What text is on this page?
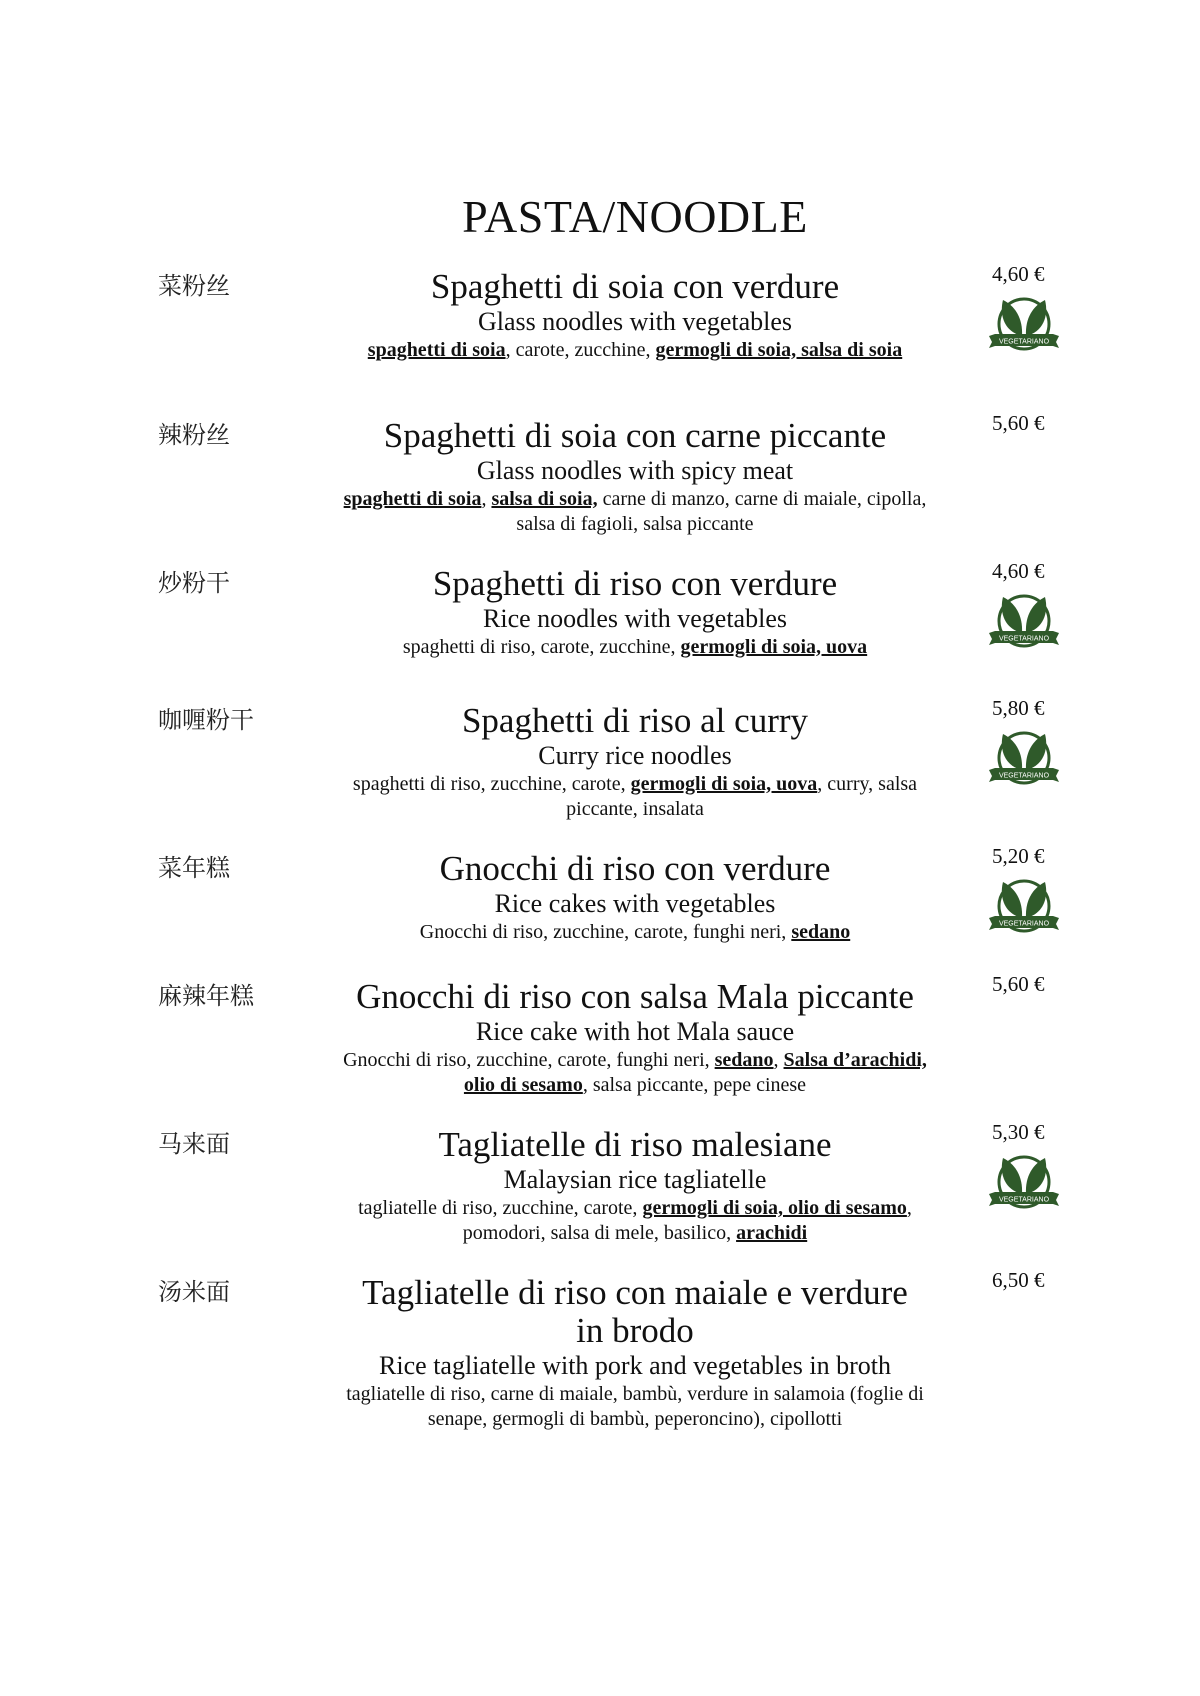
PASTA/NOODLE
菜粉丝	Spaghetti di soia con verdure
Glass noodles with vegetables
spaghetti di soia, carote, zucchine, germogli di soia, salsa di soia
4,60 €
VEGETARIANO
辣粉丝	Spaghetti di soia con carne piccante
Glass noodles with spicy meat
spaghetti di soia, salsa di soia, carne di manzo, carne di maiale, cipolla, salsa di fagioli, salsa piccante
5,60 €
炒粉干	Spaghetti di riso con verdure
Rice noodles with vegetables
spaghetti di riso, carote, zucchine, germogli di soia, uova
4,60 €
VEGETARIANO
咖喱粉干	Spaghetti di riso al curry
Curry rice noodles
spaghetti di riso, zucchine, carote, germogli di soia, uova, curry, salsa piccante, insalata
5,80 €
VEGETARIANO
菜年糕	Gnocchi di riso con verdure
Rice cakes with vegetables
Gnocchi di riso, zucchine, carote, funghi neri, sedano
5,20 €
VEGETARIANO
麻辣年糕	Gnocchi di riso con salsa Mala piccante
Rice cake with hot Mala sauce
Gnocchi di riso, zucchine, carote, funghi neri, sedano, Salsa d’arachidi, olio di sesamo, salsa piccante, pepe cinese
5,60 €
马来面	Tagliatelle di riso malesiane
Malaysian rice tagliatelle
tagliatelle di riso, zucchine, carote, germogli di soia, olio di sesamo, pomodori, salsa di mele, basilico, arachidi
5,30 €
VEGETARIANO
汤米面	Tagliatelle di riso con maiale e verdure in brodo
Rice tagliatelle with pork and vegetables in broth
tagliatelle di riso, carne di maiale, bambù, verdure in salamoia (foglie di senape, germogli di bambù, peperoncino), cipollotti
6,50 €
